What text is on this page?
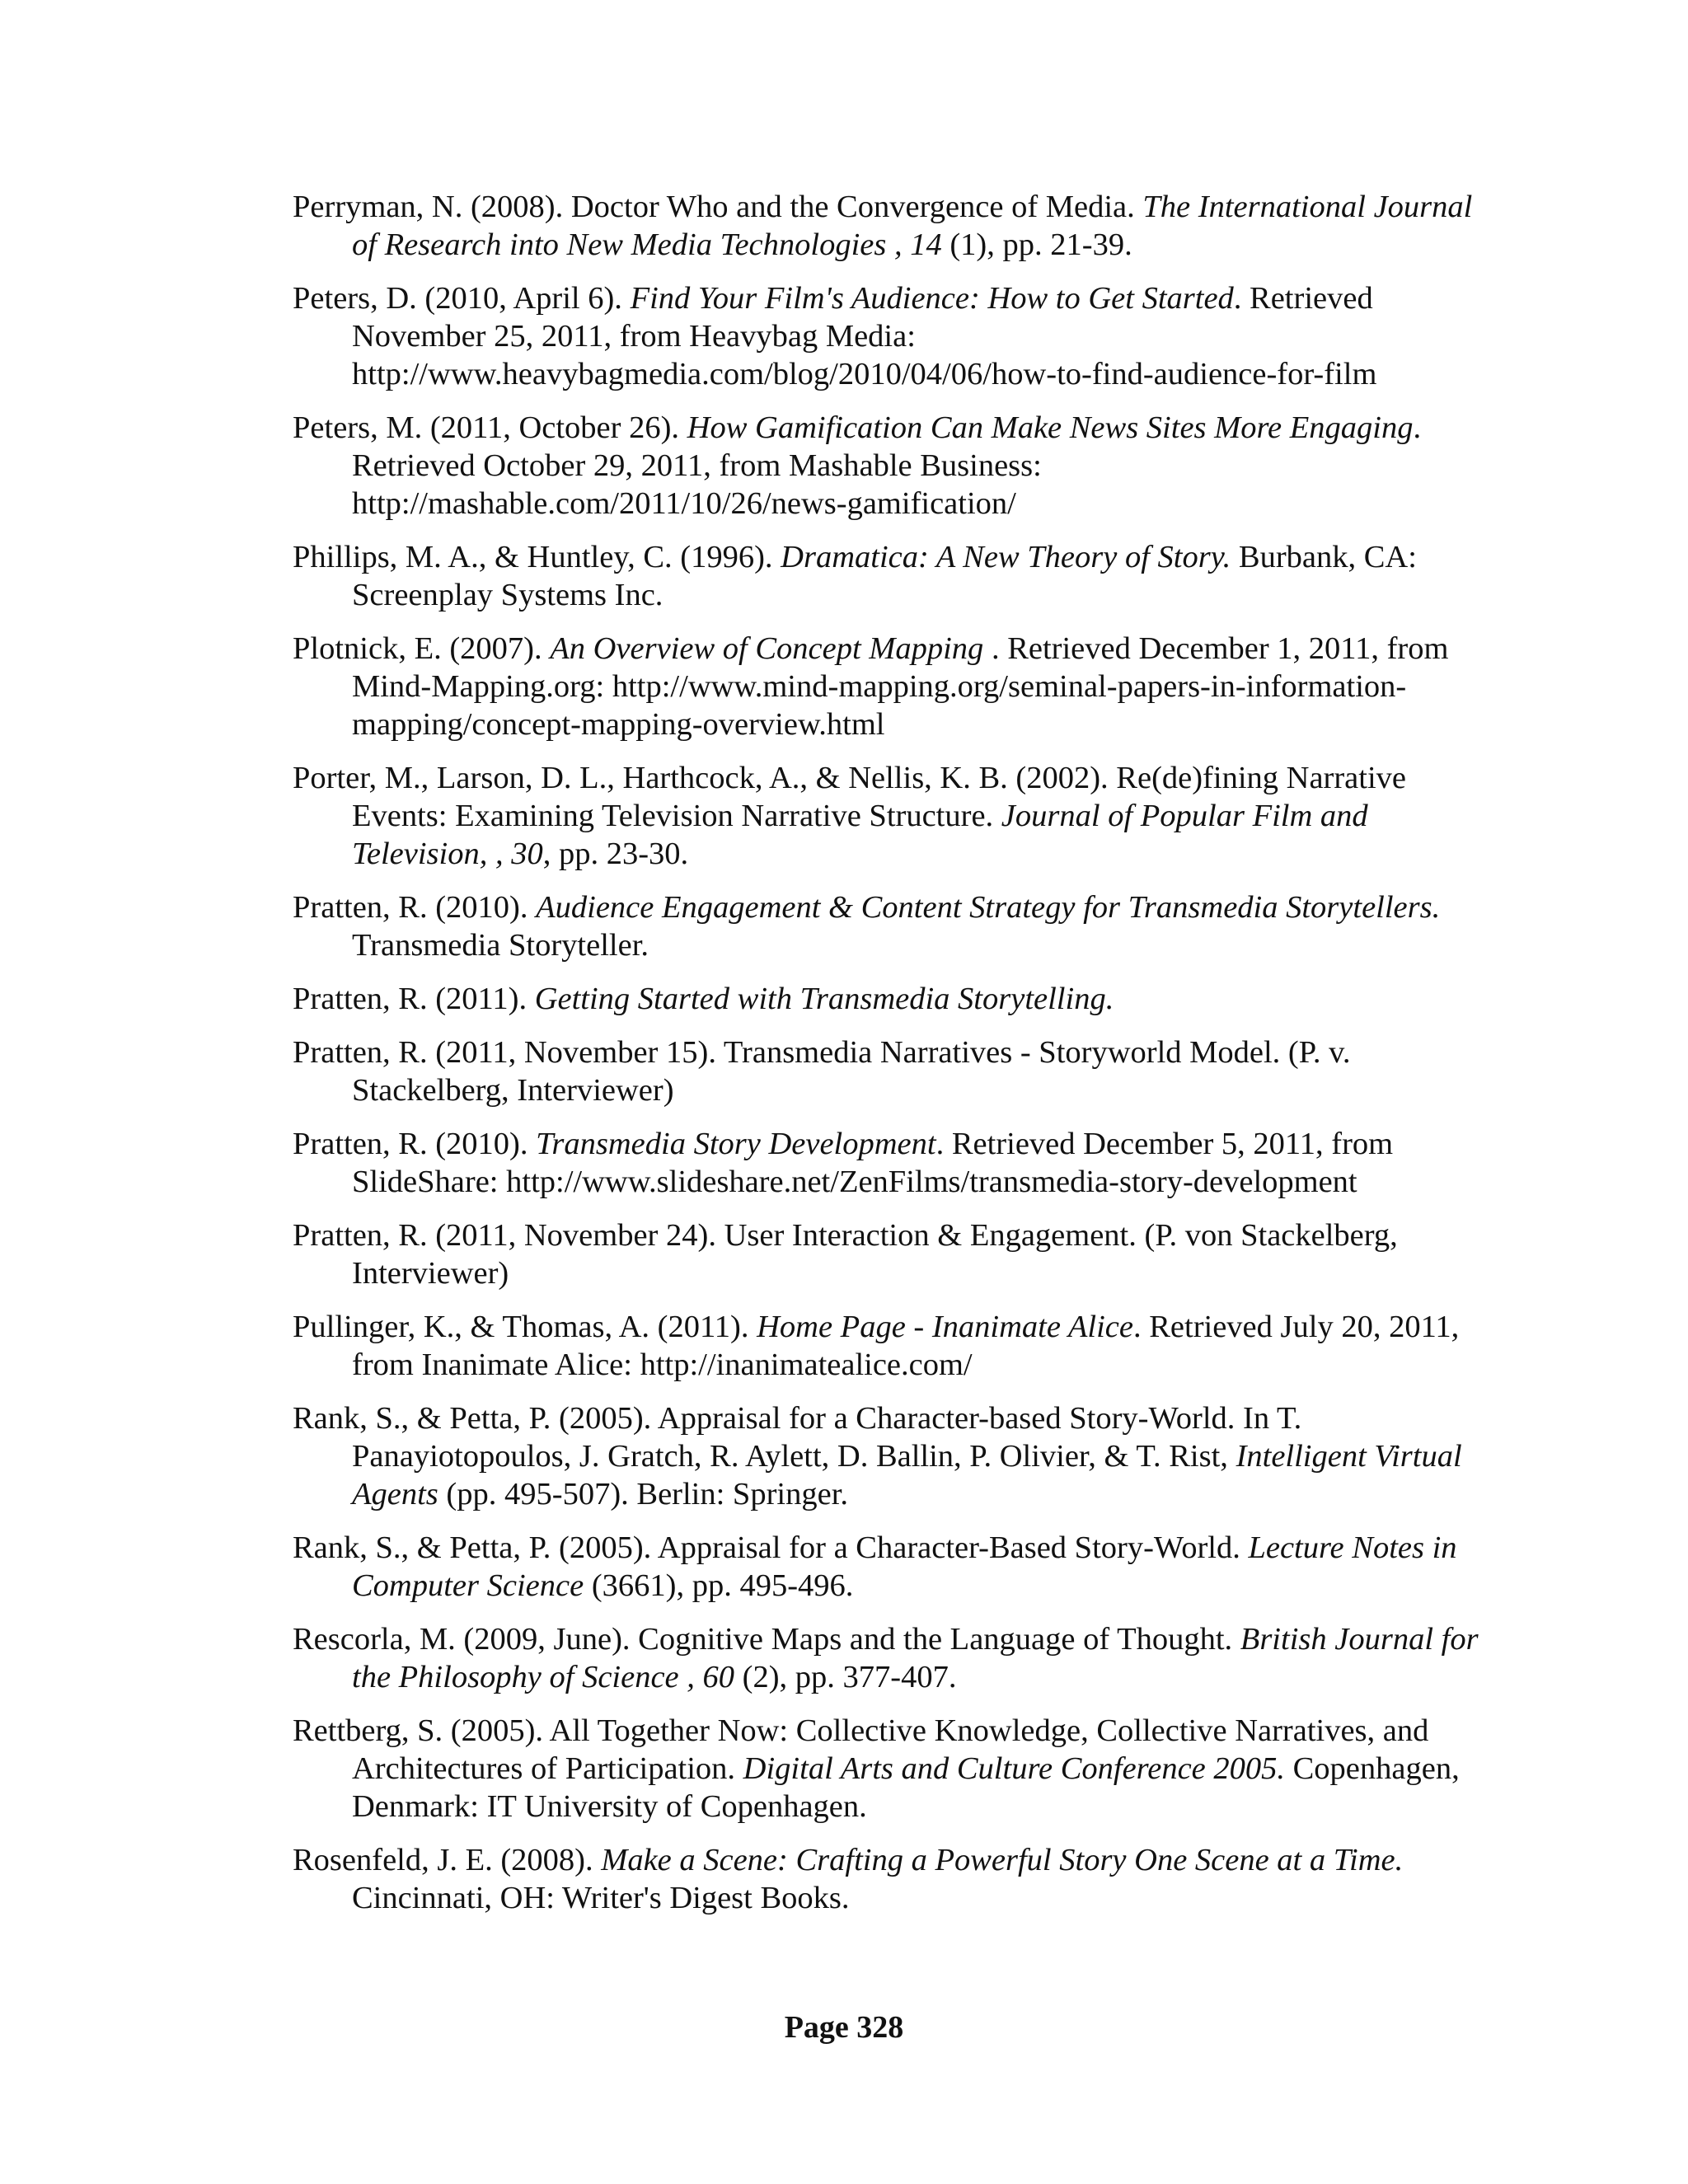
Perryman, N. (2008). Doctor Who and the Convergence of Media. The International Journal of Research into New Media Technologies , 14 (1), pp. 21-39.

Peters, D. (2010, April 6). Find Your Film's Audience: How to Get Started. Retrieved November 25, 2011, from Heavybag Media: http://www.heavybagmedia.com/blog/2010/04/06/how-to-find-audience-for-film

Peters, M. (2011, October 26). How Gamification Can Make News Sites More Engaging. Retrieved October 29, 2011, from Mashable Business: http://mashable.com/2011/10/26/news-gamification/

Phillips, M. A., & Huntley, C. (1996). Dramatica: A New Theory of Story. Burbank, CA: Screenplay Systems Inc.

Plotnick, E. (2007). An Overview of Concept Mapping . Retrieved December 1, 2011, from Mind-Mapping.org: http://www.mind-mapping.org/seminal-papers-in-information-mapping/concept-mapping-overview.html

Porter, M., Larson, D. L., Harthcock, A., & Nellis, K. B. (2002). Re(de)fining Narrative Events: Examining Television Narrative Structure. Journal of Popular Film and Television, , 30, pp. 23-30.

Pratten, R. (2010). Audience Engagement & Content Strategy for Transmedia Storytellers. Transmedia Storyteller.

Pratten, R. (2011). Getting Started with Transmedia Storytelling.

Pratten, R. (2011, November 15). Transmedia Narratives - Storyworld Model. (P. v. Stackelberg, Interviewer)

Pratten, R. (2010). Transmedia Story Development. Retrieved December 5, 2011, from SlideShare: http://www.slideshare.net/ZenFilms/transmedia-story-development

Pratten, R. (2011, November 24). User Interaction & Engagement. (P. von Stackelberg, Interviewer)

Pullinger, K., & Thomas, A. (2011). Home Page - Inanimate Alice. Retrieved July 20, 2011, from Inanimate Alice: http://inanimatealice.com/

Rank, S., & Petta, P. (2005). Appraisal for a Character-based Story-World. In T. Panayiotopoulos, J. Gratch, R. Aylett, D. Ballin, P. Olivier, & T. Rist, Intelligent Virtual Agents (pp. 495-507). Berlin: Springer.

Rank, S., & Petta, P. (2005). Appraisal for a Character-Based Story-World. Lecture Notes in Computer Science (3661), pp. 495-496.

Rescorla, M. (2009, June). Cognitive Maps and the Language of Thought. British Journal for the Philosophy of Science , 60 (2), pp. 377-407.

Rettberg, S. (2005). All Together Now: Collective Knowledge, Collective Narratives, and Architectures of Participation. Digital Arts and Culture Conference 2005. Copenhagen, Denmark: IT University of Copenhagen.

Rosenfeld, J. E. (2008). Make a Scene: Crafting a Powerful Story One Scene at a Time. Cincinnati, OH: Writer's Digest Books.

Page 328
